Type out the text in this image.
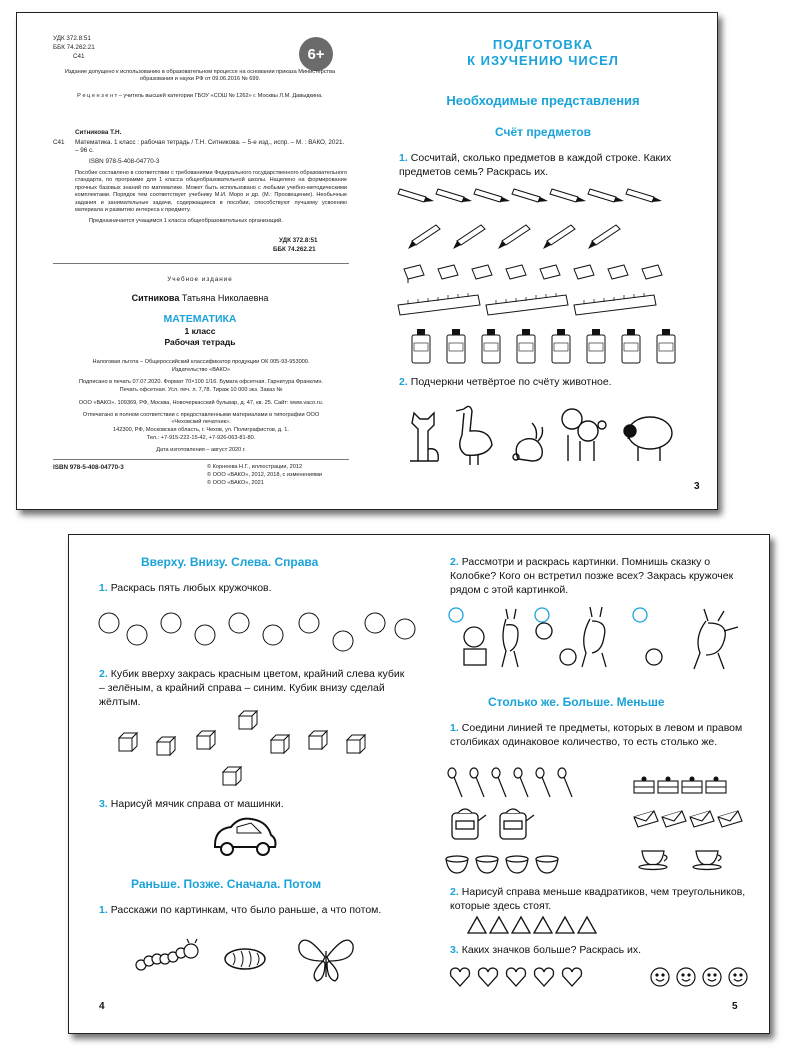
УДК 372.8:51
ББК 74.262.21
С41	6+
Издание допущено к использованию в образовательном процессе на основании приказа Министерства образования и науки РФ от 09.06.2016 № 699.
Р е ц е н з е н т – учитель высшей категории ГБОУ «СОШ № 1262» г. Москвы Л.М. Давыдкина.
Ситникова Т.Н.
С41 Математика. 1 класс : рабочая тетрадь / Т.Н. Ситникова. – 5-е изд., испр. – М. : ВАКО, 2021. – 96 с.
ISBN 978-5-408-04770-3
Пособие составлено в соответствии с требованиями Федерального государственного образовательного стандарта, по программе для 1 класса общеобразовательной школы. Нацелено на формирование прочных базовых знаний по математике. Может быть использовано с любыми учебно-методическими комплектами. Порядок тем соответствует учебнику М.И. Моро и др. (М.: Просвещение). Необычные задания и занимательные задачи, содержащиеся в пособии, способствуют лучшему усвоению материала и развитию интереса к предмету.
Предназначается учащимся 1 класса общеобразовательных организаций.
УДК 372.8:51
ББК 74.262.21
Учебное издание
Ситникова Татьяна Николаевна
МАТЕМАТИКА
1 класс
Рабочая тетрадь
Налоговая льгота – Общероссийский классификатор продукции ОК 005-93-953000.
Издательство «ВАКО»
Подписано в печать 07.07.2020. Формат 70×100 1/16. Бумага офсетная. Гарнитура Франклин.
Печать офсетная. Усл. печ. л. 7,78. Тираж 10 000 экз. Заказ №
ООО «ВАКО». 109369, РФ, Москва, Новочеркасский бульвар, д. 47, кв. 25. Сайт: www.vaco.ru.
Отпечатано в полном соответствии с предоставленными материалами в типографии ООО «Чеховский печатник».
142300, РФ, Московская область, г. Чехов, ул. Полиграфистов, д. 1.
Тел.: +7-915-222-15-42, +7-926-063-81-80.
Дата изготовления – август 2020 г.
ISBN 978-5-408-04770-3	© Корнеева Н.Г., иллюстрации, 2012
© ООО «ВАКО», 2012, 2018, с изменениями
© ООО «ВАКО», 2021
ПОДГОТОВКА
К ИЗУЧЕНИЮ ЧИСЕЛ
Необходимые представления
Счёт предметов
1. Сосчитай, сколько предметов в каждой строке. Каких предметов семь? Раскрась их.
2. Подчеркни четвёртое по счёту животное.
3
Вверху. Внизу. Слева. Справа
1. Раскрась пять любых кружочков.
2. Кубик вверху закрась красным цветом, крайний слева кубик – зелёным, а крайний справа – синим. Кубик внизу сделай жёлтым.
3. Нарисуй мячик справа от машинки.
Раньше. Позже. Сначала. Потом
1. Расскажи по картинкам, что было раньше, а что потом.
4
2. Рассмотри и раскрась картинки. Помнишь сказку о Колобке? Кого он встретил позже всех? Закрась кружочек рядом с этой картинкой.
Столько же. Больше. Меньше
1. Соедини линией те предметы, которых в левом и правом столбиках одинаковое количество, то есть столько же.
2. Нарисуй справа меньше квадратиков, чем треугольников, которые здесь стоят.
3. Каких значков больше? Раскрась их.
5
